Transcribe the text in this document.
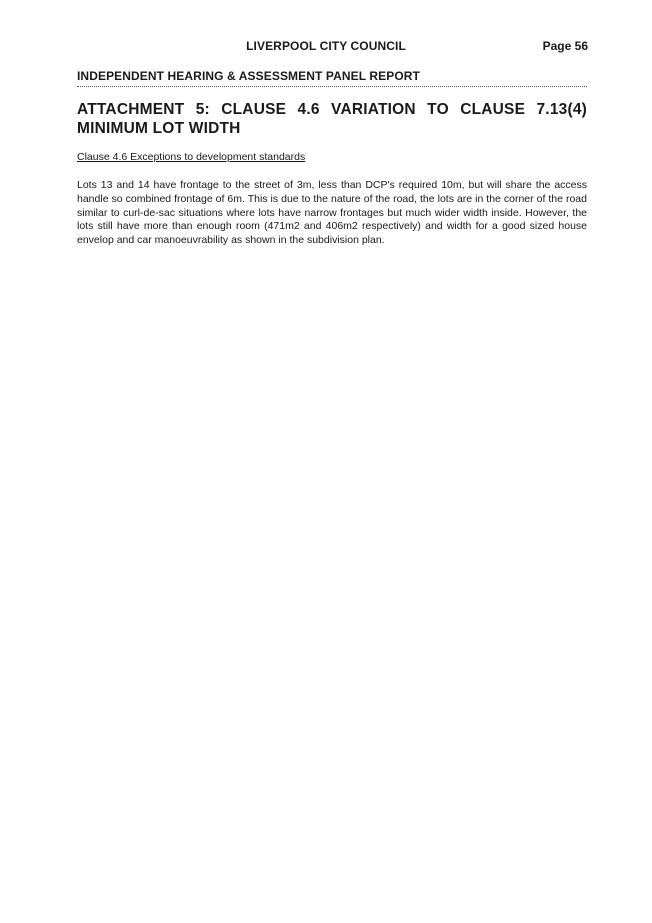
LIVERPOOL CITY COUNCIL	Page 56
INDEPENDENT HEARING & ASSESSMENT PANEL REPORT
ATTACHMENT 5: CLAUSE 4.6 VARIATION TO CLAUSE 7.13(4) MINIMUM LOT WIDTH
Clause 4.6 Exceptions to development standards
Lots 13 and 14 have frontage to the street of 3m, less than DCP's required 10m, but will share the access handle so combined frontage of 6m. This is due to the nature of the road, the lots are in the corner of the road similar to curl-de-sac situations where lots have narrow frontages but much wider width inside. However, the lots still have more than enough room (471m2 and 406m2 respectively) and width for a good sized house envelop and car manoeuvrability as shown in the subdivision plan.
